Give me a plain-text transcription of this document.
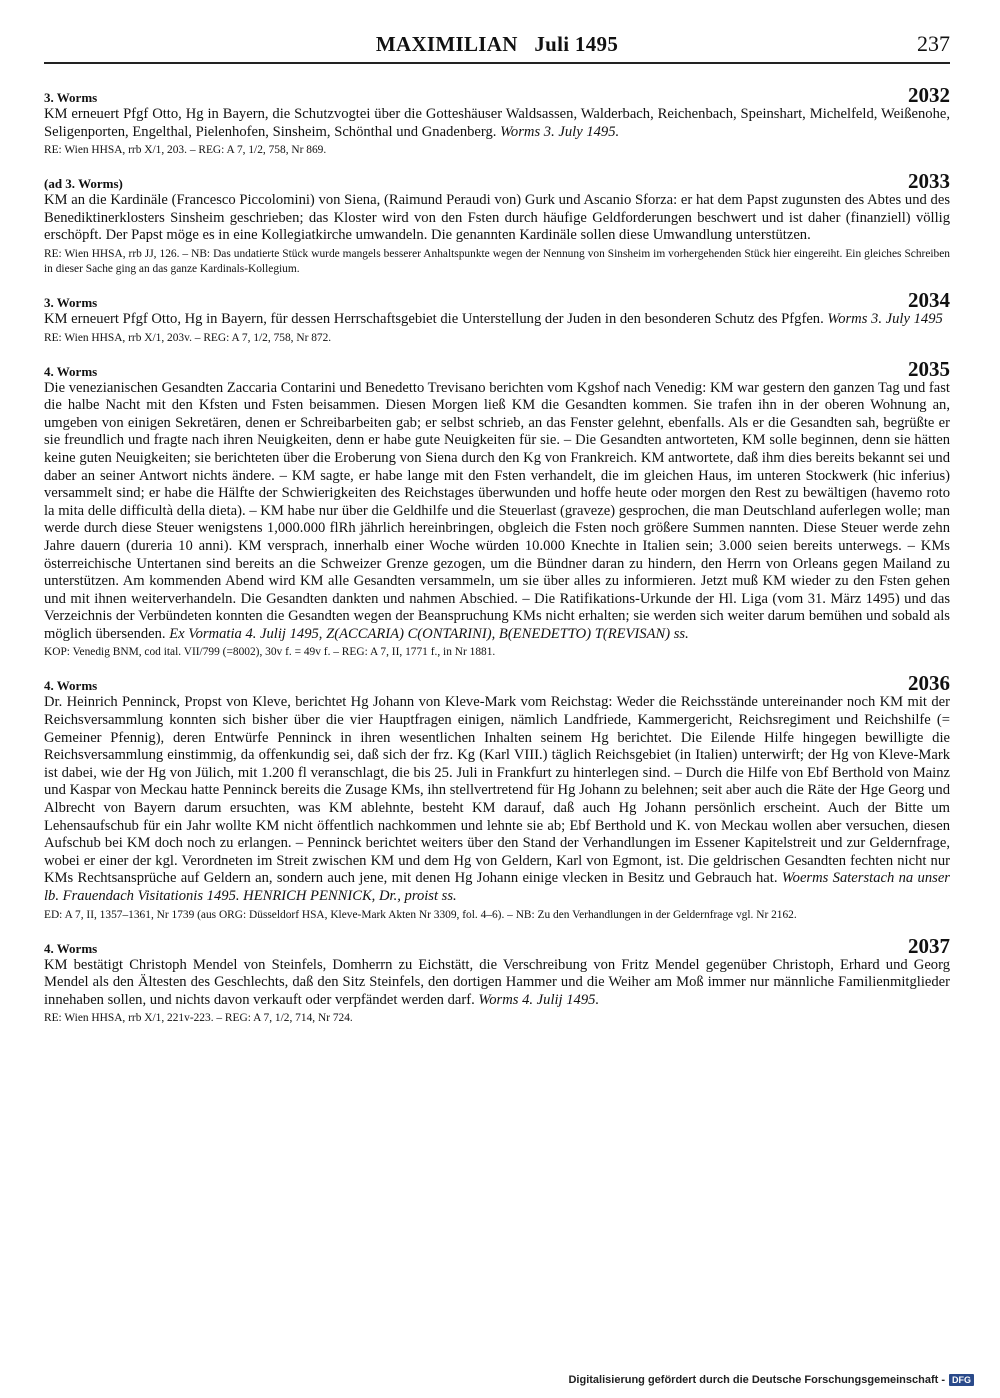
MAXIMILIAN   Juli 1495	237
3. Worms	2032

KM erneuert Pfgf Otto, Hg in Bayern, die Schutzvogtei über die Gotteshäuser Waldsassen, Walderbach, Reichenbach, Speinshart, Michelfeld, Weißenohe, Seligenporten, Engelthal, Pielenhofen, Sinsheim, Schönthal und Gnadenberg. Worms 3. July 1495.

RE: Wien HHSA, rrb X/1, 203. – REG: A 7, 1/2, 758, Nr 869.

(ad 3. Worms)	2033

KM an die Kardinäle (Francesco Piccolomini) von Siena, (Raimund Peraudi von) Gurk und Ascanio Sforza: er hat dem Papst zugunsten des Abtes und des Benediktinerklosters Sinsheim geschrieben; das Kloster wird von den Fsten durch häufige Geldforderungen beschwert und ist daher (finanziell) völlig erschöpft. Der Papst möge es in eine Kollegiatkirche umwandeln. Die genannten Kardinäle sollen diese Umwandlung unterstützen.

RE: Wien HHSA, rrb JJ, 126. – NB: Das undatierte Stück wurde mangels besserer Anhaltspunkte wegen der Nennung von Sinsheim im vorhergehenden Stück hier eingereiht. Ein gleiches Schreiben in dieser Sache ging an das ganze Kardinals-Kollegium.

3. Worms	2034

KM erneuert Pfgf Otto, Hg in Bayern, für dessen Herrschaftsgebiet die Unterstellung der Juden in den besonderen Schutz des Pfgfen. Worms 3. July 1495

RE: Wien HHSA, rrb X/1, 203v. – REG: A 7, 1/2, 758, Nr 872.

4. Worms	2035

Die venezianischen Gesandten Zaccaria Contarini und Benedetto Trevisano berichten vom Kgshof nach Venedig: KM war gestern den ganzen Tag und fast die halbe Nacht mit den Kfsten und Fsten beisammen. Diesen Morgen ließ KM die Gesandten kommen. Sie trafen ihn in der oberen Wohnung an, umgeben von einigen Sekretären, denen er Schreibarbeiten gab; er selbst schrieb, an das Fenster gelehnt, ebenfalls. Als er die Gesandten sah, begrüßte er sie freundlich und fragte nach ihren Neuigkeiten, denn er habe gute Neuigkeiten für sie. – Die Gesandten antworteten, KM solle beginnen, denn sie hätten keine guten Neuigkeiten; sie berichteten über die Eroberung von Siena durch den Kg von Frankreich. KM antwortete, daß ihm dies bereits bekannt sei und daber an seiner Antwort nichts ändere. – KM sagte, er habe lange mit den Fsten verhandelt, die im gleichen Haus, im unteren Stockwerk (hic inferius) versammelt sind; er habe die Hälfte der Schwierigkeiten des Reichstages überwunden und hoffe heute oder morgen den Rest zu bewältigen (havemo roto la mita delle difficultà della dieta). – KM habe nur über die Geldhilfe und die Steuerlast (graveze) gesprochen, die man Deutschland auferlegen wolle; man werde durch diese Steuer wenigstens 1,000.000 flRh jährlich hereinbringen, obgleich die Fsten noch größere Summen nannten. Diese Steuer werde zehn Jahre dauern (dureria 10 anni). KM versprach, innerhalb einer Woche würden 10.000 Knechte in Italien sein; 3.000 seien bereits unterwegs. – KMs österreichische Untertanen sind bereits an die Schweizer Grenze gezogen, um die Bündner daran zu hindern, den Herrn von Orleans gegen Mailand zu unterstützen. Am kommenden Abend wird KM alle Gesandten versammeln, um sie über alles zu informieren. Jetzt muß KM wieder zu den Fsten gehen und mit ihnen weiterverhandeln. Die Gesandten dankten und nahmen Abschied. – Die Ratifikations-Urkunde der Hl. Liga (vom 31. März 1495) und das Verzeichnis der Verbündeten konnten die Gesandten wegen der Beanspruchung KMs nicht erhalten; sie werden sich weiter darum bemühen und sobald als möglich übersenden. Ex Vormatia 4. Julij 1495, Z(ACCARIA) C(ONTARINI), B(ENEDETTO) T(REVISAN) ss.

KOP: Venedig BNM, cod ital. VII/799 (=8002), 30v f. = 49v f. – REG: A 7, II, 1771 f., in Nr 1881.

4. Worms	2036

Dr. Heinrich Penninck, Propst von Kleve, berichtet Hg Johann von Kleve-Mark vom Reichstag: Weder die Reichsstände untereinander noch KM mit der Reichsversammlung konnten sich bisher über die vier Hauptfragen einigen, nämlich Landfriede, Kammergericht, Reichsregiment und Reichshilfe (= Gemeiner Pfennig), deren Entwürfe Penninck in ihren wesentlichen Inhalten seinem Hg berichtet. Die Eilende Hilfe hingegen bewilligte die Reichsversammlung einstimmig, da offenkundig sei, daß sich der frz. Kg (Karl VIII.) täglich Reichsgebiet (in Italien) unterwirft; der Hg von Kleve-Mark ist dabei, wie der Hg von Jülich, mit 1.200 fl veranschlagt, die bis 25. Juli in Frankfurt zu hinterlegen sind. – Durch die Hilfe von Ebf Berthold von Mainz und Kaspar von Meckau hatte Penninck bereits die Zusage KMs, ihn stellvertretend für Hg Johann zu belehnen; seit aber auch die Räte der Hge Georg und Albrecht von Bayern darum ersuchten, was KM ablehnte, besteht KM darauf, daß auch Hg Johann persönlich erscheint. Auch der Bitte um Lehensaufschub für ein Jahr wollte KM nicht öffentlich nachkommen und lehnte sie ab; Ebf Berthold und K. von Meckau wollen aber versuchen, diesen Aufschub bei KM doch noch zu erlangen. – Penninck berichtet weiters über den Stand der Verhandlungen im Essener Kapitelstreit und zur Geldernfrage, wobei er einer der kgl. Verordneten im Streit zwischen KM und dem Hg von Geldern, Karl von Egmont, ist. Die geldrischen Gesandten fechten nicht nur KMs Rechtsansprüche auf Geldern an, sondern auch jene, mit denen Hg Johann einige vlecken in Besitz und Gebrauch hat. Woerms Saterstach na unser lb. Frauendach Visitationis 1495. HENRICH PENNICK, Dr., proist ss.

ED: A 7, II, 1357–1361, Nr 1739 (aus ORG: Düsseldorf HSA, Kleve-Mark Akten Nr 3309, fol. 4–6). – NB: Zu den Verhandlungen in der Geldernfrage vgl. Nr 2162.

4. Worms	2037

KM bestätigt Christoph Mendel von Steinfels, Domherrn zu Eichstätt, die Verschreibung von Fritz Mendel gegenüber Christoph, Erhard und Georg Mendel als den Ältesten des Geschlechts, daß den Sitz Steinfels, den dortigen Hammer und die Weiher am Moß immer nur männliche Familienmitglieder innehaben sollen, und nichts davon verkauft oder verpfändet werden darf. Worms 4. Julij 1495.

RE: Wien HHSA, rrb X/1, 221v-223. – REG: A 7, 1/2, 714, Nr 724.

Digitalisierung gefördert durch die Deutsche Forschungsgemeinschaft - DFG
